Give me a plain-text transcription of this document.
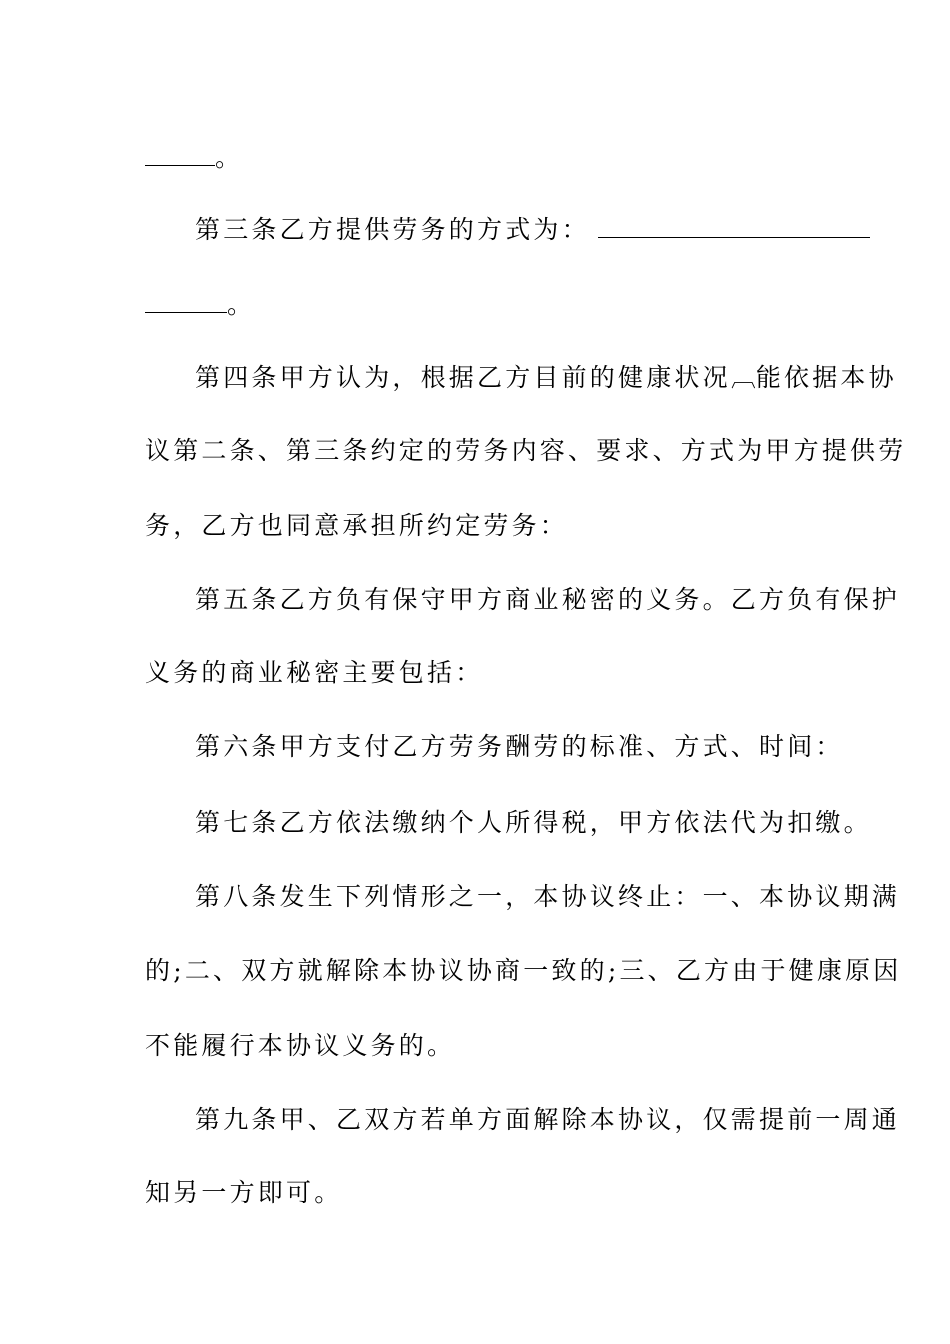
。
第三条乙方提供劳务的方式为：
。
第四条甲方认为，根据乙方目前的健康状况︹能依据本协
议第二条、第三条约定的劳务内容、要求、方式为甲方提供劳
务，乙方也同意承担所约定劳务：
第五条乙方负有保守甲方商业秘密的义务。乙方负有保护
义务的商业秘密主要包括：
第六条甲方支付乙方劳务酬劳的标准、方式、时间：
第七条乙方依法缴纳个人所得税，甲方依法代为扣缴。
第八条发生下列情形之一，本协议终止：一、本协议期满
的;二、双方就解除本协议协商一致的;三、乙方由于健康原因
不能履行本协议义务的。
第九条甲、乙双方若单方面解除本协议，仅需提前一周通
知另一方即可。
